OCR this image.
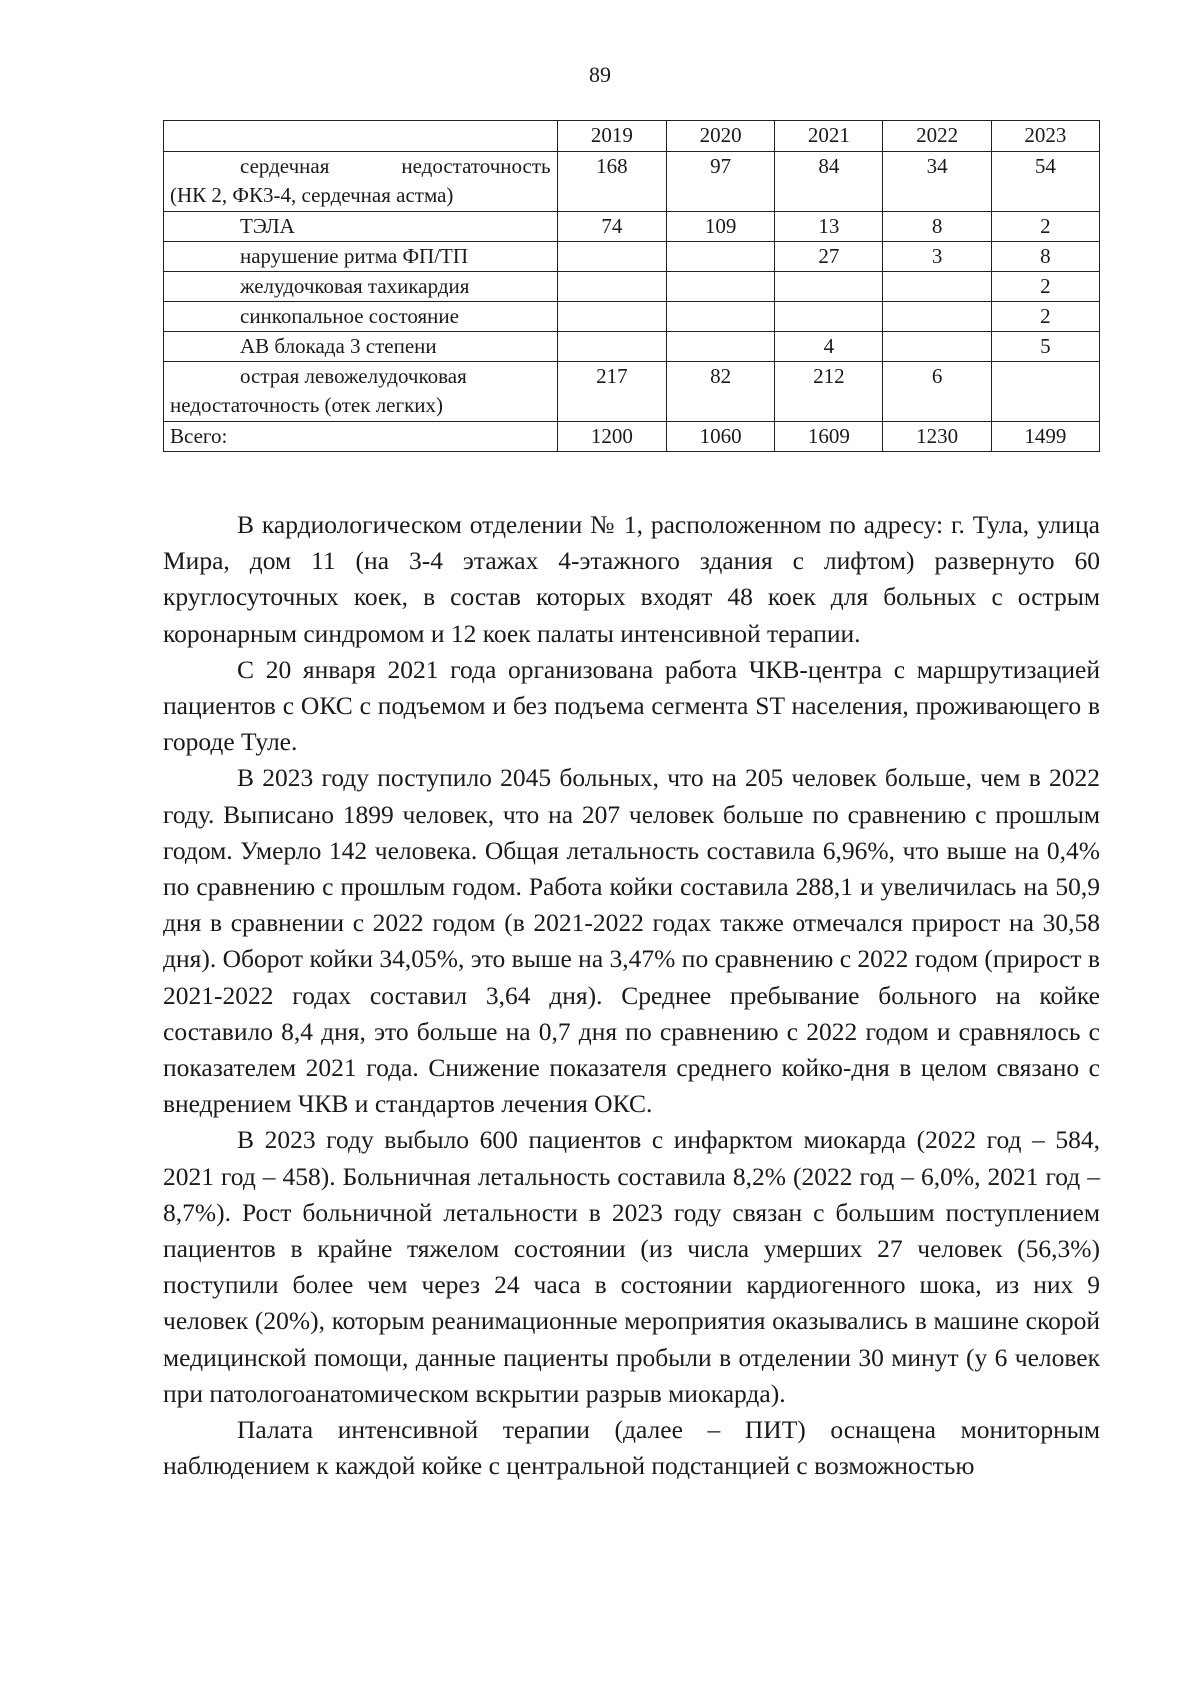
89
	2019	2020	2021	2022	2023

сердечная недостаточность
(НК 2, ФК3-4, сердечная астма)	168	97	84	34	54

ТЭЛА	74	109	13	8	2

нарушение ритма ФП/ТП			27	3	8

желудочковая тахикардия					2

синкопальное состояние					2

АВ блокада 3 степени			4		5

острая левожелудочковая
недостаточность (отек легких)	217	82	212	6	
Всего:	1200	1060	1609	1230	1499

В кардиологическом отделении № 1, расположенном по адресу: г. Тула, улица Мира, дом 11 (на 3-4 этажах 4-этажного здания с лифтом) развернуто 60 круглосуточных коек, в состав которых входят 48 коек для больных с острым коронарным синдромом и 12 коек палаты интенсивной терапии.

С 20 января 2021 года организована работа ЧКВ-центра с маршрутизацией пациентов с ОКС с подъемом и без подъема сегмента ST населения, проживающего в городе Туле.

В 2023 году поступило 2045 больных, что на 205 человек больше, чем в 2022 году. Выписано 1899 человек, что на 207 человек больше по сравнению с прошлым годом. Умерло 142 человека. Общая летальность составила 6,96%, что выше на 0,4% по сравнению с прошлым годом. Работа койки составила 288,1 и увеличилась на 50,9 дня в сравнении с 2022 годом (в 2021-2022 годах также отмечался прирост на 30,58 дня). Оборот койки 34,05%, это выше на 3,47% по сравнению с 2022 годом (прирост в 2021-2022 годах составил 3,64 дня). Среднее пребывание больного на койке составило 8,4 дня, это больше на 0,7 дня по сравнению с 2022 годом и сравнялось с показателем 2021 года. Снижение показателя среднего койко-дня в целом связано с внедрением ЧКВ и стандартов лечения ОКС.

В 2023 году выбыло 600 пациентов с инфарктом миокарда (2022 год – 584, 2021 год – 458). Больничная летальность составила 8,2% (2022 год – 6,0%, 2021 год – 8,7%). Рост больничной летальности в 2023 году связан с большим поступлением пациентов в крайне тяжелом состоянии (из числа умерших 27 человек (56,3%) поступили более чем через 24 часа в состоянии кардиогенного шока, из них 9 человек (20%), которым реанимационные мероприятия оказывались в машине скорой медицинской помощи, данные пациенты пробыли в отделении 30 минут (у 6 человек при патологоанатомическом вскрытии разрыв миокарда).

Палата интенсивной терапии (далее – ПИТ) оснащена мониторным наблюдением к каждой койке с центральной подстанцией с возможностью
